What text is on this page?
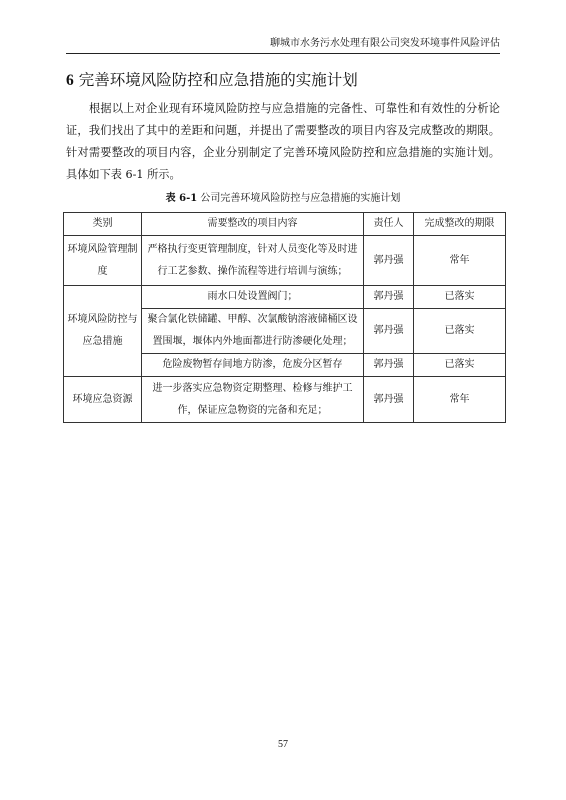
聊城市水务污水处理有限公司突发环境事件风险评估
6 完善环境风险防控和应急措施的实施计划
根据以上对企业现有环境风险防控与应急措施的完备性、可靠性和有效性的分析论证，我们找出了其中的差距和问题，并提出了需要整改的项目内容及完成整改的期限。针对需要整改的项目内容，企业分别制定了完善环境风险防控和应急措施的实施计划。具体如下表 6-1 所示。
表 6-1 公司完善环境风险防控与应急措施的实施计划
类别	需要整改的项目内容	责任人	完成整改的期限
环境风险管理制度	严格执行变更管理制度，针对人员变化等及时进行工艺参数、操作流程等进行培训与演练；	郭丹强	常年
环境风险防控与应急措施	雨水口处设置阀门；	郭丹强	已落实
	聚合氯化铁储罐、甲醇、次氯酸钠溶液储桶区设置围堰，堰体内外地面都进行防渗硬化处理；	郭丹强	已落实
	危险废物暂存间地方防渗，危废分区暂存	郭丹强	已落实
环境应急资源	进一步落实应急物资定期整理、检修与维护工作，保证应急物资的完备和充足；	郭丹强	常年
57
